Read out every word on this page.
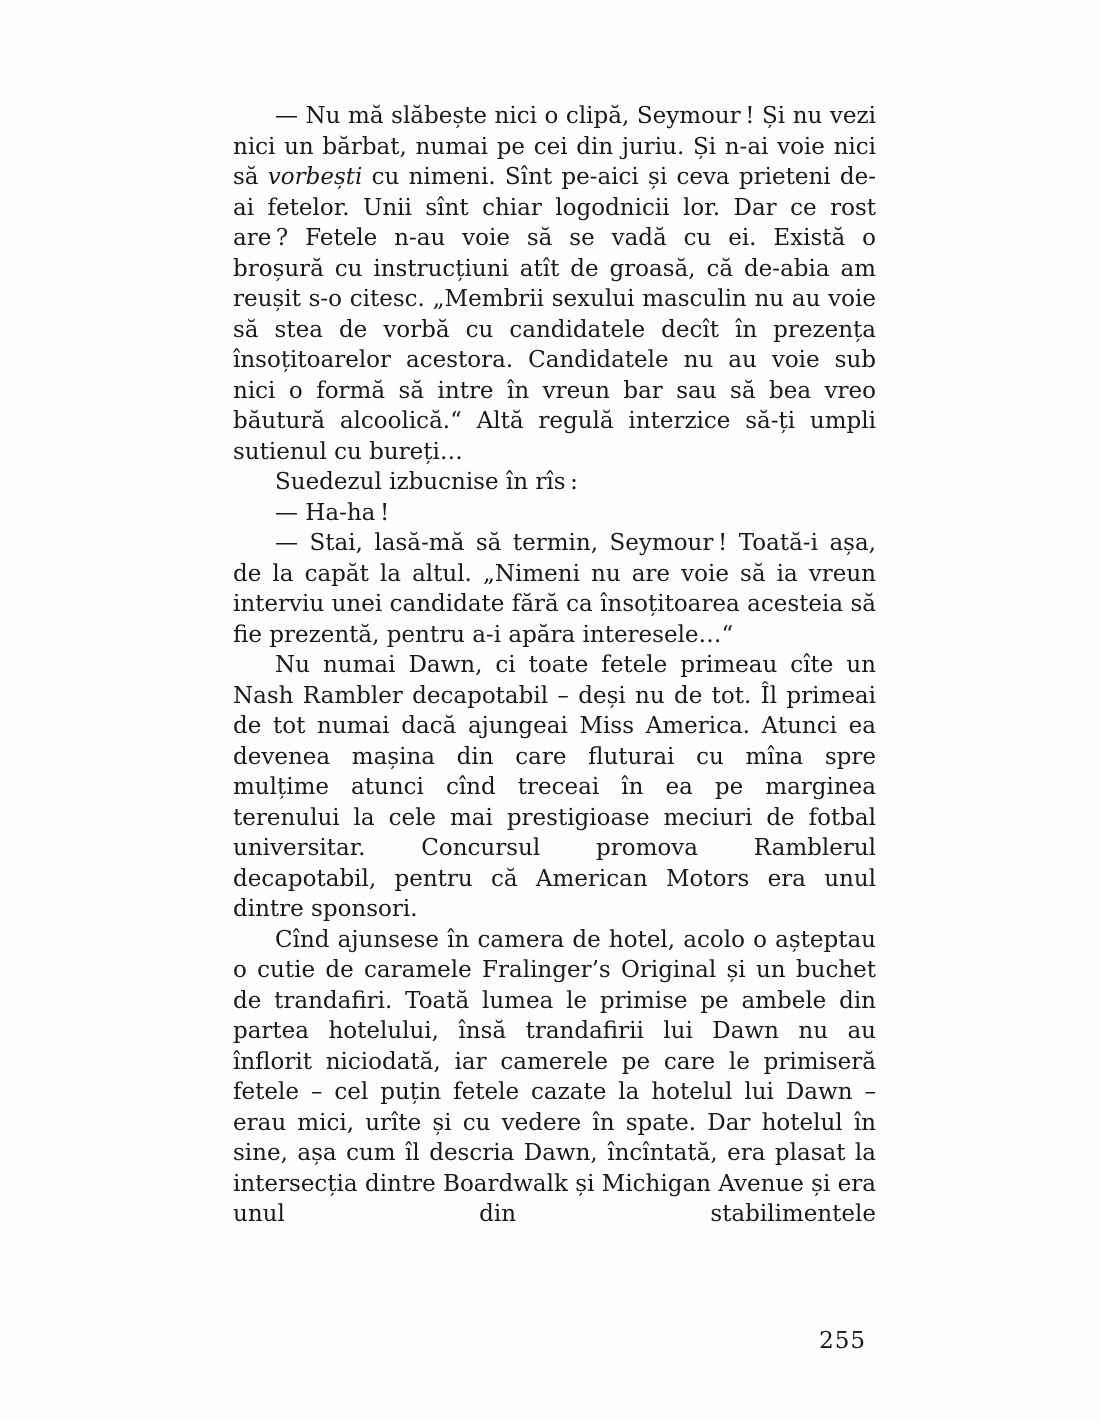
— Nu mă slăbește nici o clipă, Seymour ! Și nu vezi nici un bărbat, numai pe cei din juriu. Și n-ai voie nici să vorbești cu nimeni. Sînt pe-aici și ceva prieteni de-ai fetelor. Unii sînt chiar logodnicii lor. Dar ce rost are ? Fetele n-au voie să se vadă cu ei. Există o broșură cu instrucțiuni atît de groasă, că de-abia am reușit s-o citesc. „Membrii sexului masculin nu au voie să stea de vorbă cu candidatele decît în prezența însoțitoarelor acestora. Candidatele nu au voie sub nici o formă să intre în vreun bar sau să bea vreo băutură alcoolică.“ Altă regulă interzice să-ți umpli sutienul cu bureți…

Suedezul izbucnise în rîs :

— Ha-ha !

— Stai, lasă-mă să termin, Seymour ! Toată-i așa, de la capăt la altul. „Nimeni nu are voie să ia vreun interviu unei candidate fără ca însoțitoarea acesteia să fie prezentă, pentru a-i apăra interesele…“

Nu numai Dawn, ci toate fetele primeau cîte un Nash Rambler decapotabil – deși nu de tot. Îl primeai de tot numai dacă ajungeai Miss America. Atunci ea devenea mașina din care fluturai cu mîna spre mulțime atunci cînd treceai în ea pe marginea terenului la cele mai prestigioase meciuri de fotbal universitar. Concursul promova Ramblerul decapotabil, pentru că American Motors era unul dintre sponsori.

Cînd ajunsese în camera de hotel, acolo o așteptau o cutie de caramele Fralinger’s Original și un buchet de trandafiri. Toată lumea le primise pe ambele din partea hotelului, însă trandafirii lui Dawn nu au înflorit niciodată, iar camerele pe care le primiseră fetele – cel puțin fetele cazate la hotelul lui Dawn – erau mici, urîte și cu vedere în spate. Dar hotelul în sine, așa cum îl descria Dawn, încîntată, era plasat la intersecția dintre Boardwalk și Michigan Avenue și era unul din stabilimentele

255
